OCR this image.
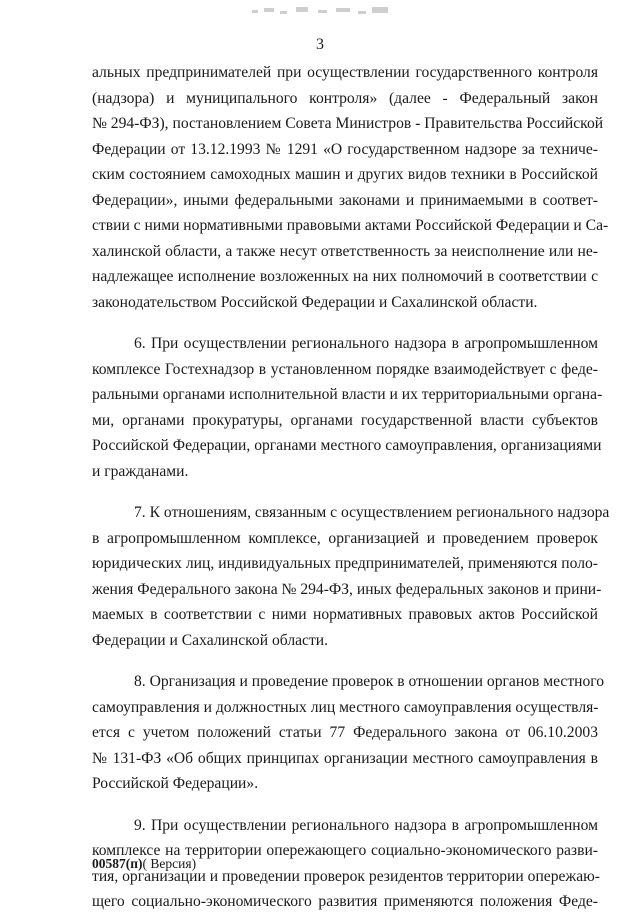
3
альных предпринимателей при осуществлении государственного контроля
(надзора) и муниципального контроля» (далее - Федеральный закон
№ 294-ФЗ), постановлением Совета Министров - Правительства Российской
Федерации от 13.12.1993 № 1291 «О государственном надзоре за техниче-
ским состоянием самоходных машин и других видов техники в Российской
Федерации», иными федеральными законами и принимаемыми в соответ-
ствии с ними нормативными правовыми актами Российской Федерации и Са-
халинской области, а также несут ответственность за неисполнение или не-
надлежащее исполнение возложенных на них полномочий в соответствии с
законодательством Российской Федерации и Сахалинской области.
6. При осуществлении регионального надзора в агропромышленном
комплексе Гостехнадзор в установленном порядке взаимодействует с феде-
ральными органами исполнительной власти и их территориальными органа-
ми, органами прокуратуры, органами государственной власти субъектов
Российской Федерации, органами местного самоуправления, организациями
и гражданами.
7. К отношениям, связанным с осуществлением регионального надзора
в агропромышленном комплексе, организацией и проведением проверок
юридических лиц, индивидуальных предпринимателей, применяются поло-
жения Федерального закона № 294-ФЗ, иных федеральных законов и прини-
маемых в соответствии с ними нормативных правовых актов Российской
Федерации и Сахалинской области.
8. Организация и проведение проверок в отношении органов местного
самоуправления и должностных лиц местного самоуправления осуществля-
ется с учетом положений статьи 77 Федерального закона от 06.10.2003
№ 131-ФЗ «Об общих принципах организации местного самоуправления в
Российской Федерации».
9. При осуществлении регионального надзора в агропромышленном
комплексе на территории опережающего социально-экономического разви-
тия, организации и проведении проверок резидентов территории опережаю-
щего социально-экономического развития применяются положения Феде-
00587(п)( Версия)
